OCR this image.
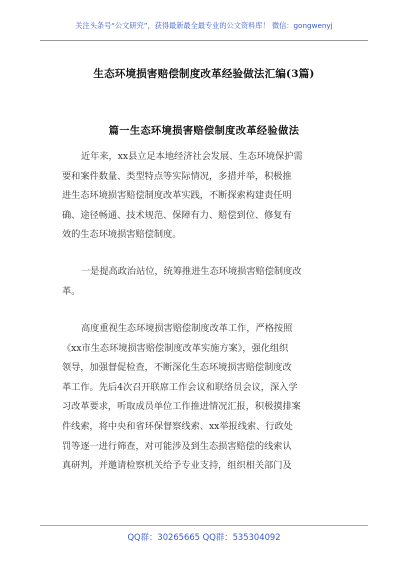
关注头条号“公文研究”，获得最新最全最专业的公文资料库！ 微信：gongwenyj
生态环境损害赔偿制度改革经验做法汇编(3篇)
篇一生态环境损害赔偿制度改革经验做法
近年来，xx县立足本地经济社会发展、生态环境保护需
要和案件数量、类型特点等实际情况，多措并举，积极推
进生态环境损害赔偿制度改革实践，不断探索构建责任明
确、途径畅通、技术规范、保障有力、赔偿到位、修复有
效的生态环境损害赔偿制度。
一是提高政治站位，统筹推进生态环境损害赔偿制度改
革。
高度重视生态环境损害赔偿制度改革工作，严格按照
《xx市生态环境损害赔偿制度改革实施方案》，强化组织
领导，加强督促检查，不断深化生态环境损害赔偿制度改
革工作。先后4次召开联席工作会议和联络员会议，深入学
习改革要求，听取成员单位工作推进情况汇报，积极摸排案
件线索，将中央和省环保督察线索、xx举报线索、行政处
罚等逐一进行筛查，对可能涉及到生态损害赔偿的线索认
真研判，并邀请检察机关给予专业支持，组织相关部门及
QQ群：30265665 QQ群：535304092
